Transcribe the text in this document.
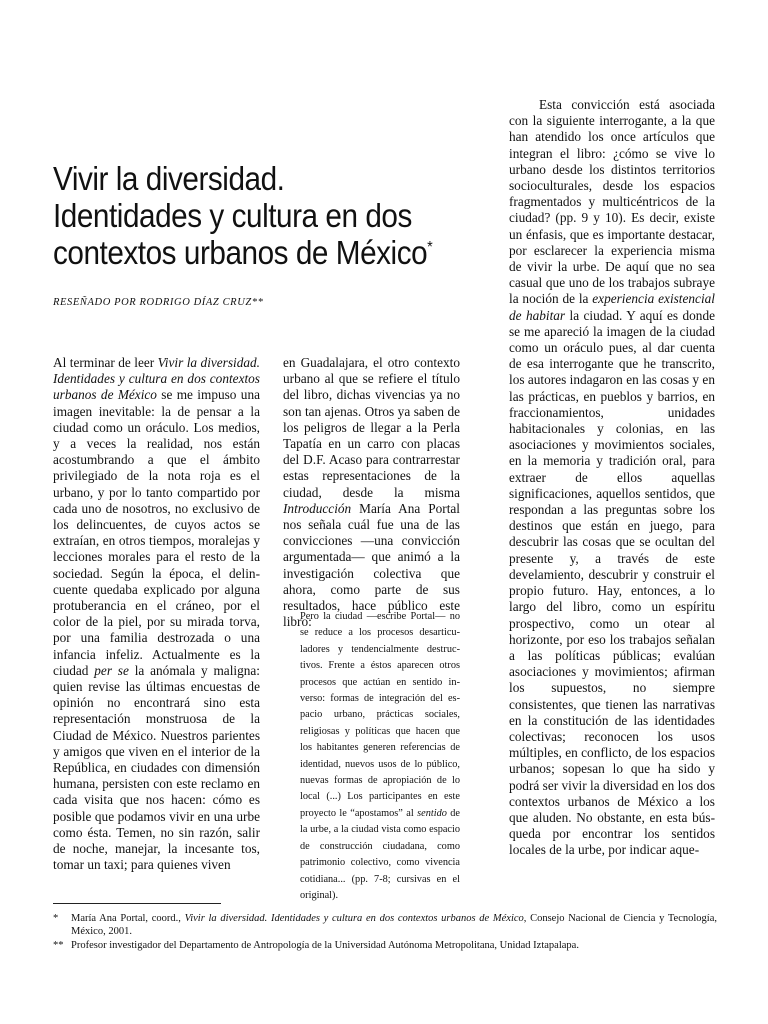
Vivir la diversidad.
Identidades y cultura en dos
contextos urbanos de México*

RESEÑADO POR RODRIGO DÍAZ CRUZ**

Al terminar de leer Vivir la diversidad. Identidades y cultura en dos contextos urbanos de México se me impuso una imagen inevitable: la de pensar a la ciudad como un oráculo. Los medios, y a veces la realidad, nos están acostumbrando a que el ámbito privilegiado de la nota roja es el urbano, y por lo tanto compartido por cada uno de nosotros, no exclusivo de los delincuentes, de cuyos actos se extraían, en otros tiempos, moralejas y lecciones morales para el resto de la sociedad. Según la época, el delincuente quedaba explicado por alguna protuberancia en el cráneo, por el color de la piel, por su mirada torva, por una familia destrozada o una infancia infeliz. Actualmente es la ciudad per se la anómala y maligna: quien revise las últimas encuestas de opinión no encontrará sino esta representación monstruosa de la Ciudad de México. Nuestros parientes y amigos que viven en el interior de la República, en ciudades con dimensión humana, persisten con este reclamo en cada visita que nos hacen: cómo es posible que podamos vivir en una urbe como ésta. Temen, no sin razón, salir de noche, manejar, la incesante tos, tomar un taxi; para quienes viven

en Guadalajara, el otro contexto urbano al que se refiere el título del libro, dichas vivencias ya no son tan ajenas. Otros ya saben de los peligros de llegar a la Perla Tapatía en un carro con placas del D.F. Acaso para contrarrestar estas representaciones de la ciudad, desde la misma Introducción María Ana Portal nos señala cuál fue una de las convicciones —una convicción argumentada— que animó a la investigación colectiva que ahora, como parte de sus resultados, hace público este libro:

Pero la ciudad —escribe Portal— no se reduce a los procesos desarticuladores y tendencialmente destructivos. Frente a éstos aparecen otros procesos que actúan en sentido inverso: formas de integración del espacio urbano, prácticas sociales, religiosas y políticas que hacen que los habitantes generen referencias de identidad, nuevos usos de lo público, nuevas formas de apropiación de lo local (...) Los participantes en este proyecto le “apostamos” al sentido de la urbe, a la ciudad vista como espacio de construcción ciudadana, como patrimonio colectivo, como vivencia cotidiana... (pp. 7-8; cursivas en el original).

Esta convicción está asociada con la siguiente interrogante, a la que han atendido los once artículos que integran el libro: ¿cómo se vive lo urbano desde los distintos territorios socioculturales, desde los espacios fragmentados y multicéntricos de la ciudad? (pp. 9 y 10). Es decir, existe un énfasis, que es importante destacar, por esclarecer la experiencia misma de vivir la urbe. De aquí que no sea casual que uno de los trabajos subraye la noción de la experiencia existencial de habitar la ciudad. Y aquí es donde se me apareció la imagen de la ciudad como un oráculo pues, al dar cuenta de esa interrogante que he transcrito, los autores indagaron en las cosas y en las prácticas, en pueblos y barrios, en fraccionamientos, unidades habitacionales y colonias, en las asociaciones y movimientos sociales, en la memoria y tradición oral, para extraer de ellos aquellas significaciones, aquellos sentidos, que respondan a las preguntas sobre los destinos que están en juego, para descubrir las cosas que se ocultan del presente y, a través de este develamiento, descubrir y construir el propio futuro. Hay, entonces, a lo largo del libro, como un espíritu prospectivo, como un otear al horizonte, por eso los trabajos señalan a las políticas públicas; evalúan asociaciones y movimientos; afirman los supuestos, no siempre consistentes, que tienen las narrativas en la constitución de las identidades colectivas; reconocen los usos múltiples, en conflicto, de los espacios urbanos; sopesan lo que ha sido y podrá ser vivir la diversidad en los dos contextos urbanos de México a los que aluden. No obstante, en esta búsqueda por encontrar los sentidos locales de la urbe, por indicar aque-

*	María Ana Portal, coord., Vivir la diversidad. Identidades y cultura en dos contextos urbanos de México, Consejo Nacional de Ciencia y Tecnología, México, 2001.
** Profesor investigador del Departamento de Antropología de la Universidad Autónoma Metropolitana, Unidad Iztapalapa.
